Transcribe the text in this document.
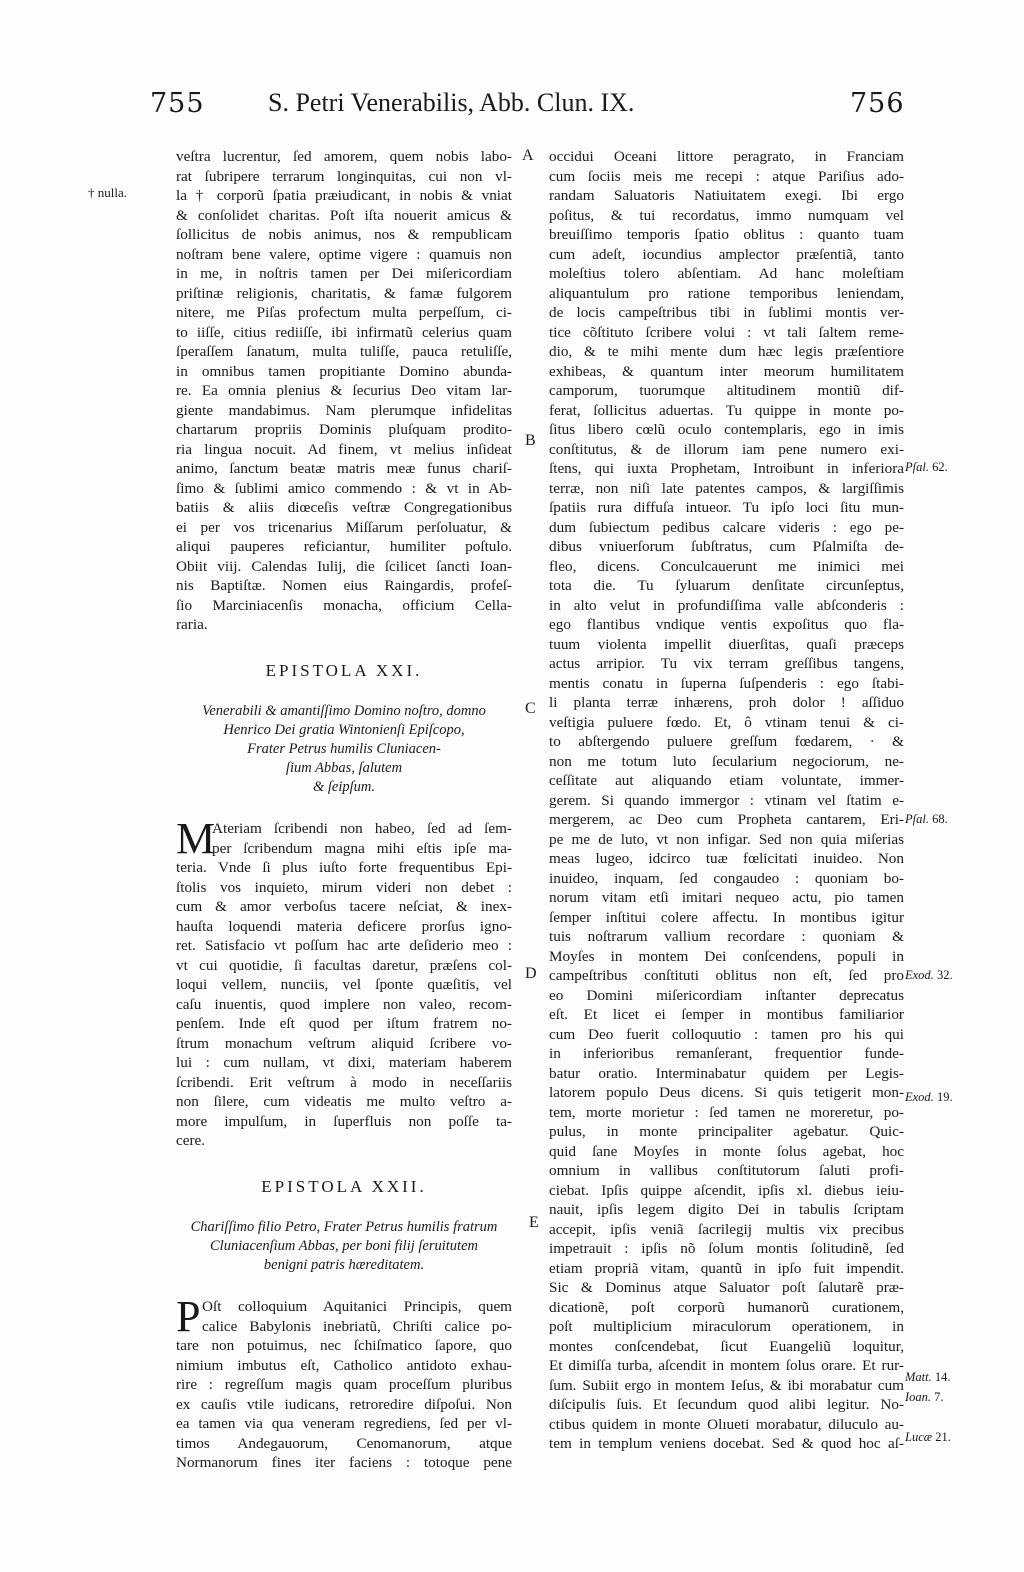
755 S. Petri Venerabilis, Abb. Clun. IX.	756
† nulla.
A
B
C
D
E
veſtra lucrentur, ſed amorem, quem nobis labo-
rat ſubripere terrarum longinquitas, cui non vl-
la † corporũ ſpatia præiudicant, in nobis & vniat
& conſolidet charitas. Poſt iſta nouerit amicus &
ſollicitus de nobis animus, nos & rempublicam
noſtram bene valere, optime vigere : quamuis non
in me, in noſtris tamen per Dei miſericordiam
priſtinæ religionis, charitatis, & famæ fulgorem
nitere, me Piſas profectum multa perpeſſum, ci-
to iiſſe, citius rediiſſe, ibi infirmatũ celerius quam
ſperaſſem ſanatum, multa tuliſſe, pauca retuliſſe,
in omnibus tamen propitiante Domino abunda-
re. Ea omnia plenius & ſecurius Deo vitam lar-
giente mandabimus. Nam plerumque infidelitas
chartarum propriis Dominis pluſquam prodito-
ria lingua nocuit. Ad finem, vt melius inſideat
animo, ſanctum beatæ matris meæ funus chariſ-
ſimo & ſublimi amico commendo : & vt in Ab-
batiis & aliis diœceſis veſtræ Congregationibus
ei per vos tricenarius Miſſarum perſoluatur, &
aliqui pauperes reficiantur, humiliter poſtulo.
Obiit viij. Calendas Iulij, die ſcilicet ſancti Ioan-
nis Baptiſtæ. Nomen eius Raingardis, profeſ-
ſio Marciniacenſis monacha, officium Cella-
raria.
EPISTOLA XXI.
Venerabili & amantiſſimo Domino noſtro, domno
Henrico Dei gratia Wintonienſi Epiſcopo,
Frater Petrus humilis Cluniacen-
ſium Abbas, ſalutem
& ſeipſum.
M
Ateriam ſcribendi non habeo, ſed ad ſem-
per ſcribendum magna mihi eſtis ipſe ma-
teria. Vnde ſi plus iuſto forte frequentibus Epi-
ſtolis vos inquieto, mirum videri non debet :
cum & amor verboſus tacere neſciat, & inex-
hauſta loquendi materia deficere prorſus igno-
ret. Satisfacio vt poſſum hac arte deſiderio meo :
vt cui quotidie, ſi facultas daretur, præſens col-
loqui vellem, nunciis, vel ſponte quæſitis, vel
caſu inuentis, quod implere non valeo, recom-
penſem. Inde eſt quod per iſtum fratrem no-
ſtrum monachum veſtrum aliquid ſcribere vo-
lui : cum nullam, vt dixi, materiam haberem
ſcribendi. Erit veſtrum à modo in neceſſariis
non ſilere, cum videatis me multo veſtro a-
more impulſum, in ſuperfluis non poſſe ta-
cere.
EPISTOLA XXII.
Chariſſimo filio Petro, Frater Petrus humilis fratrum
Cluniacenſium Abbas, per boni filij ſeruitutem
benigni patris hæreditatem.
P Oſt colloquium Aquitanici Principis, quem
calice Babylonis inebriatũ, Chriſti calice po-
tare non potuimus, nec ſchiſmatico ſapore, quo
nimium imbutus eſt, Catholico antidoto exhau-
rire : regreſſum magis quam proceſſum pluribus
ex cauſis vtile iudicans, retroredire diſpoſui. Non
ea tamen via qua veneram regrediens, ſed per vl-
timos Andegauorum, Cenomanorum, atque
Normanorum fines iter faciens : totoque pene
occidui Oceani littore peragrato, in Franciam
cum ſociis meis me recepi : atque Pariſius ado-
randam Saluatoris Natiuitatem exegi. Ibi ergo
poſitus, & tui recordatus, immo numquam vel
breuiſſimo temporis ſpatio oblitus : quanto tuam
cum adeſt, iocundius amplector præſentiã, tanto
moleſtius tolero abſentiam. Ad hanc moleſtiam
aliquantulum pro ratione temporibus leniendam,
de locis campeſtribus tibi in ſublimi montis ver-
tice cõſtituto ſcribere volui : vt tali ſaltem reme-
dio, & te mihi mente dum hæc legis præſentiore
exhibeas, & quantum inter meorum humilitatem
camporum, tuorumque altitudinem montiũ dif-
ferat, ſollicitus aduertas. Tu quippe in monte po-
ſitus libero cœlũ oculo contemplaris, ego in imis
conſtitutus, & de illorum iam pene numero exi-
ſtens, qui iuxta Prophetam, Introibunt in inferiora
terræ, non niſi late patentes campos, & largiſſimis
ſpatiis rura diffuſa intueor. Tu ipſo loci ſitu mun-
dum ſubiectum pedibus calcare videris : ego pe-
dibus vniuerſorum ſubſtratus, cum Pſalmiſta de-
fleo, dicens. Conculcauerunt me inimici mei
tota die. Tu ſyluarum denſitate circunſeptus,
in alto velut in profundiſſima valle abſconderis :
ego flantibus vndique ventis expoſitus quo fla-
tuum violenta impellit diuerſitas, quaſi præceps
actus arripior. Tu vix terram greſſibus tangens,
mentis conatu in ſuperna ſuſpenderis : ego ſtabi-
li planta terræ inhærens, proh dolor ! aſſiduo
veſtigia puluere fœdo. Et, ô vtinam tenui & ci-
to abſtergendo puluere greſſum fœdarem, · &
non me totum luto ſecularium negociorum, ne-
ceſſitate aut aliquando etiam voluntate, immer-
gerem. Si quando immergor : vtinam vel ſtatim e-
mergerem, ac Deo cum Propheta cantarem, Eri-
pe me de luto, vt non infigar. Sed non quia miſerias
meas lugeo, idcirco tuæ fœlicitati inuideo. Non
inuideo, inquam, ſed congaudeo : quoniam bo-
norum vitam etſi imitari nequeo actu, pio tamen
ſemper inſtitui colere affectu. In montibus igitur
tuis noſtrarum vallium recordare : quoniam &
Moyſes in montem Dei conſcendens, populi in
campeſtribus conſtituti oblitus non eſt, ſed pro
eo Domini miſericordiam inſtanter deprecatus
eſt. Et licet ei ſemper in montibus familiarior
cum Deo fuerit colloquutio : tamen pro his qui
in inferioribus remanſerant, frequentior funde-
batur oratio. Interminabatur quidem per Legis-
latorem populo Deus dicens. Si quis tetigerit mon-
tem, morte morietur : ſed tamen ne moreretur, po-
pulus, in monte principaliter agebatur. Quic-
quid ſane Moyſes in monte ſolus agebat, hoc
omnium in vallibus conſtitutorum ſaluti profi-
ciebat. Ipſis quippe aſcendit, ipſis xl. diebus ieiu-
nauit, ipſis legem digito Dei in tabulis ſcriptam
accepit, ipſis veniã ſacrilegij multis vix precibus
impetrauit : ipſis nõ ſolum montis ſolitudinẽ, ſed
etiam propriã vitam, quantũ in ipſo fuit impendit.
Sic & Dominus atque Saluator poſt ſalutarẽ præ-
dicationẽ, poſt corporũ humanorũ curationem,
poſt multiplicium miraculorum operationem, in
montes conſcendebat, ſicut Euangeliũ loquitur,
Et dimiſſa turba, aſcendit in montem ſolus orare. Et rur-
ſum. Subiit ergo in montem Ieſus, & ibi morabatur cum
diſcipulis ſuis. Et ſecundum quod alibi legitur. No-
ctibus quidem in monte Olıueti morabatur, diluculo au-
tem in templum veniens docebat. Sed & quod hoc aſ-
Pſal. 62.
Pſal. 68.
Exod. 32.
Exod. 19.
Matt. 14.
Ioan. 7.
Lucæ 21.
